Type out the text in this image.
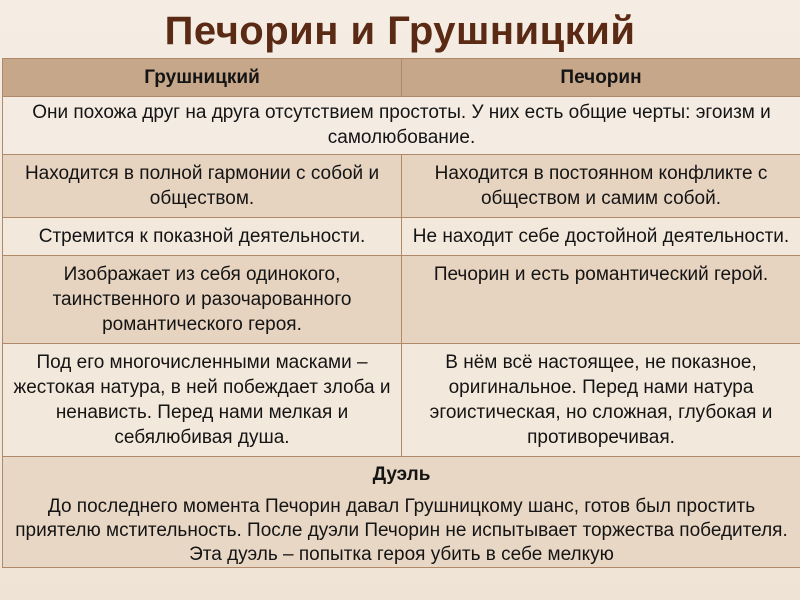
Печорин и Грушницкий
Грушницкий	Печорин
Они похожа друг на друга отсутствием простоты. У них есть общие черты: эгоизм и самолюбование.	
Находится в полной гармонии с собой и обществом.	Находится в постоянном конфликте с обществом и самим собой.
Стремится к показной деятельности.	Не находит себе достойной деятельности.
Изображает из себя одинокого, таинственного и разочарованного романтического героя.	Печорин и есть романтический герой.
Под его многочисленными масками – жестокая натура, в ней побеждает злоба и ненависть. Перед нами мелкая и себялюбивая душа.	В нём всё настоящее, не показное, оригинальное. Перед нами натура эгоистическая, но сложная, глубокая и противоречивая.

Дуэль
До последнего момента Печорин давал Грушницкому шанс, готов был простить приятелю мстительность. После дуэли Печорин не испытывает торжества победителя. Эта дуэль – попытка героя убить в себе мелкую	
